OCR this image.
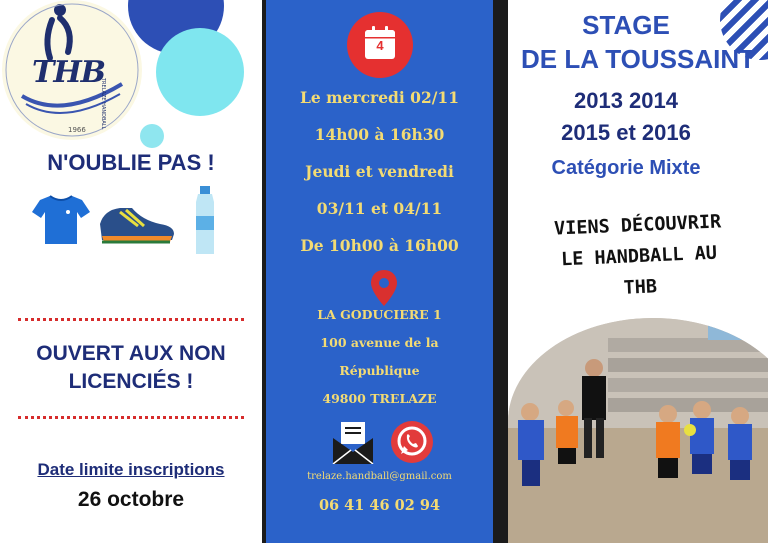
THB
1966
TRELAZE HANDBALL
N'OUBLIE PAS !
OUVERT AUX NON
LICENCIÉS !
Date limite inscriptions
26 octobre
4
Le mercredi 02/11
14h00 à 16h30
Jeudi et vendredi
03/11 et 04/11
De 10h00 à 16h00
LA GODUCIERE 1
100 avenue de la
République
49800 TRELAZE
trelaze.handball@gmail.com
06 41 46 02 94
STAGE
DE LA TOUSSAINT
2013 2014
2015 et 2016
Catégorie Mixte
VIENS DÉCOUVRIR
LE HANDBALL AU
THB
